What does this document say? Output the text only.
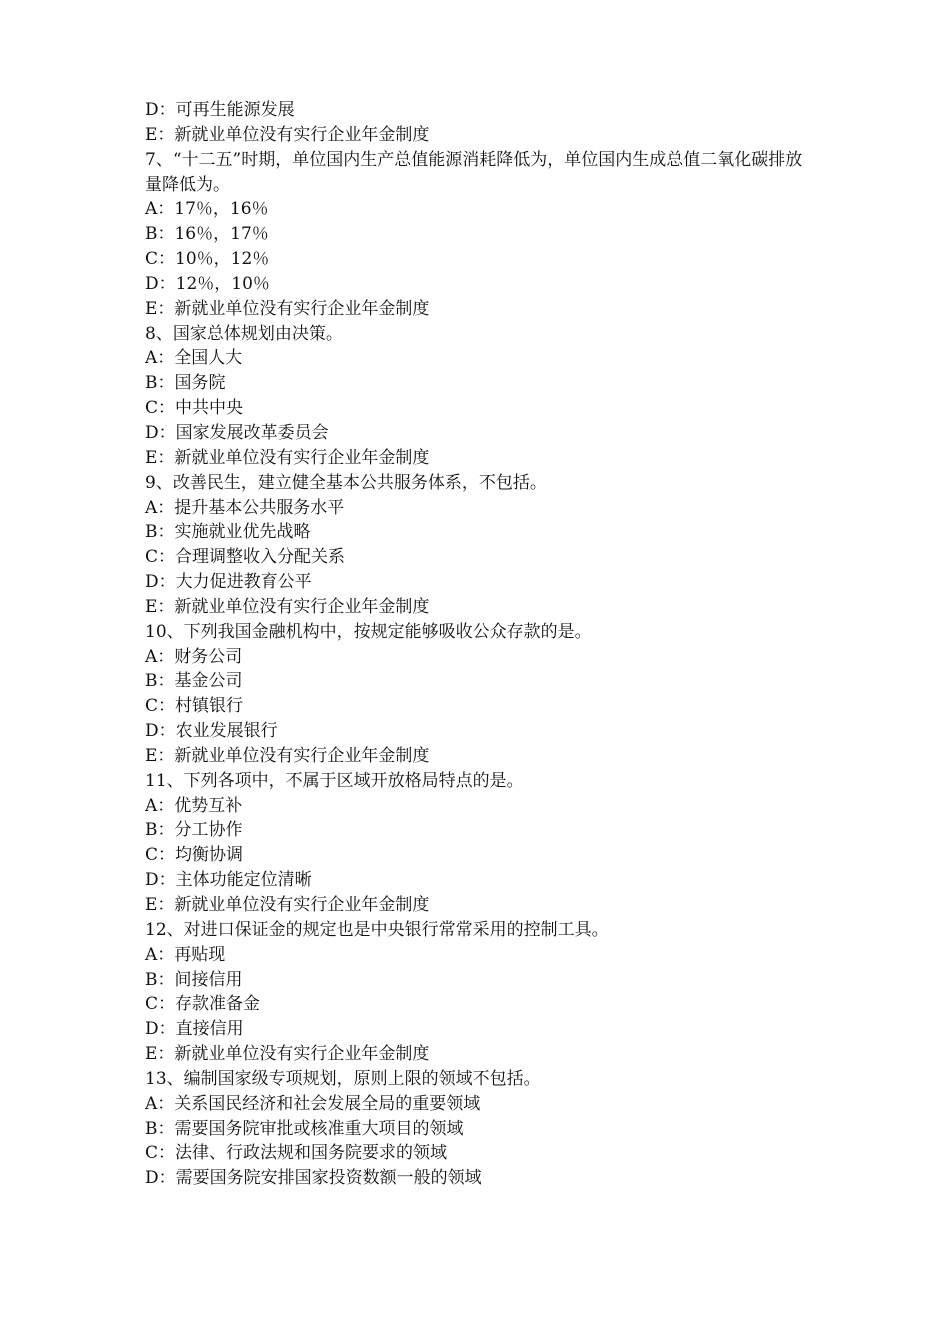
D：可再生能源发展
E：新就业单位没有实行企业年金制度
7、“十二五”时期，单位国内生产总值能源消耗降低为，单位国内生成总值二氧化碳排放量降低为。
A：17％，16％
B：16％，17％
C：10％，12％
D：12％，10％
E：新就业单位没有实行企业年金制度
8、国家总体规划由决策。
A：全国人大
B：国务院
C：中共中央
D：国家发展改革委员会
E：新就业单位没有实行企业年金制度
9、改善民生，建立健全基本公共服务体系，不包括。
A：提升基本公共服务水平
B：实施就业优先战略
C：合理调整收入分配关系
D：大力促进教育公平
E：新就业单位没有实行企业年金制度
10、下列我国金融机构中，按规定能够吸收公众存款的是。
A：财务公司
B：基金公司
C：村镇银行
D：农业发展银行
E：新就业单位没有实行企业年金制度
11、下列各项中，不属于区域开放格局特点的是。
A：优势互补
B：分工协作
C：均衡协调
D：主体功能定位清晰
E：新就业单位没有实行企业年金制度
12、对进口保证金的规定也是中央银行常常采用的控制工具。
A：再贴现
B：间接信用
C：存款准备金
D：直接信用
E：新就业单位没有实行企业年金制度
13、编制国家级专项规划，原则上限的领域不包括。
A：关系国民经济和社会发展全局的重要领域
B：需要国务院审批或核准重大项目的领域
C：法律、行政法规和国务院要求的领域
D：需要国务院安排国家投资数额一般的领域
